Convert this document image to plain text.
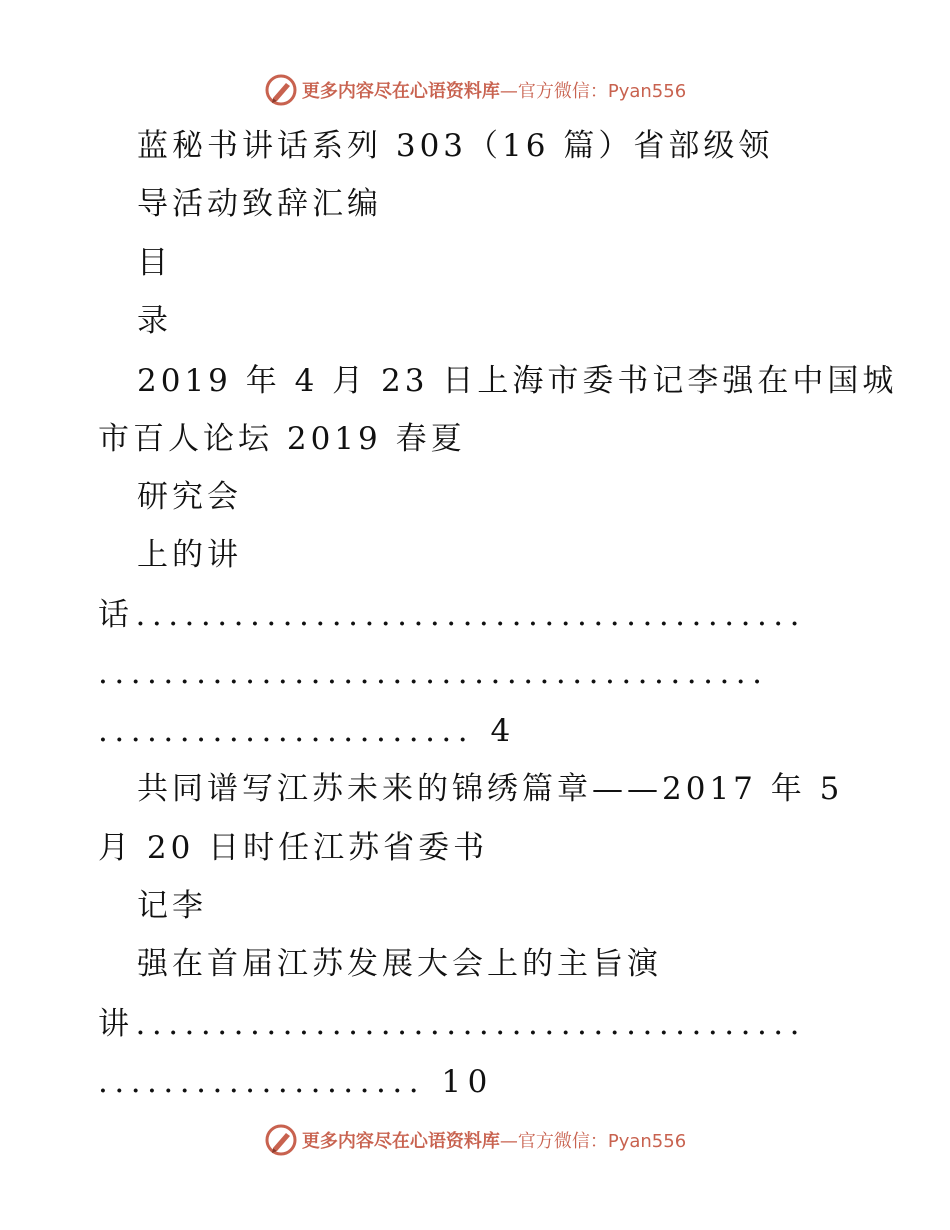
更多内容尽在心语资料库—官方微信：Pyan556
蓝秘书讲话系列 303（16 篇）省部级领
导活动致辞汇编
目
录
2019 年 4 月 23 日上海市委书记李强在中国城
市百人论坛 2019 春夏
研究会
上的讲
话.........................................
.........................................
....................... 4
共同谱写江苏未来的锦绣篇章——2017 年 5
月 20 日时任江苏省委书
记李
强在首届江苏发展大会上的主旨演
讲.........................................
.................... 10
更多内容尽在心语资料库—官方微信：Pyan556
